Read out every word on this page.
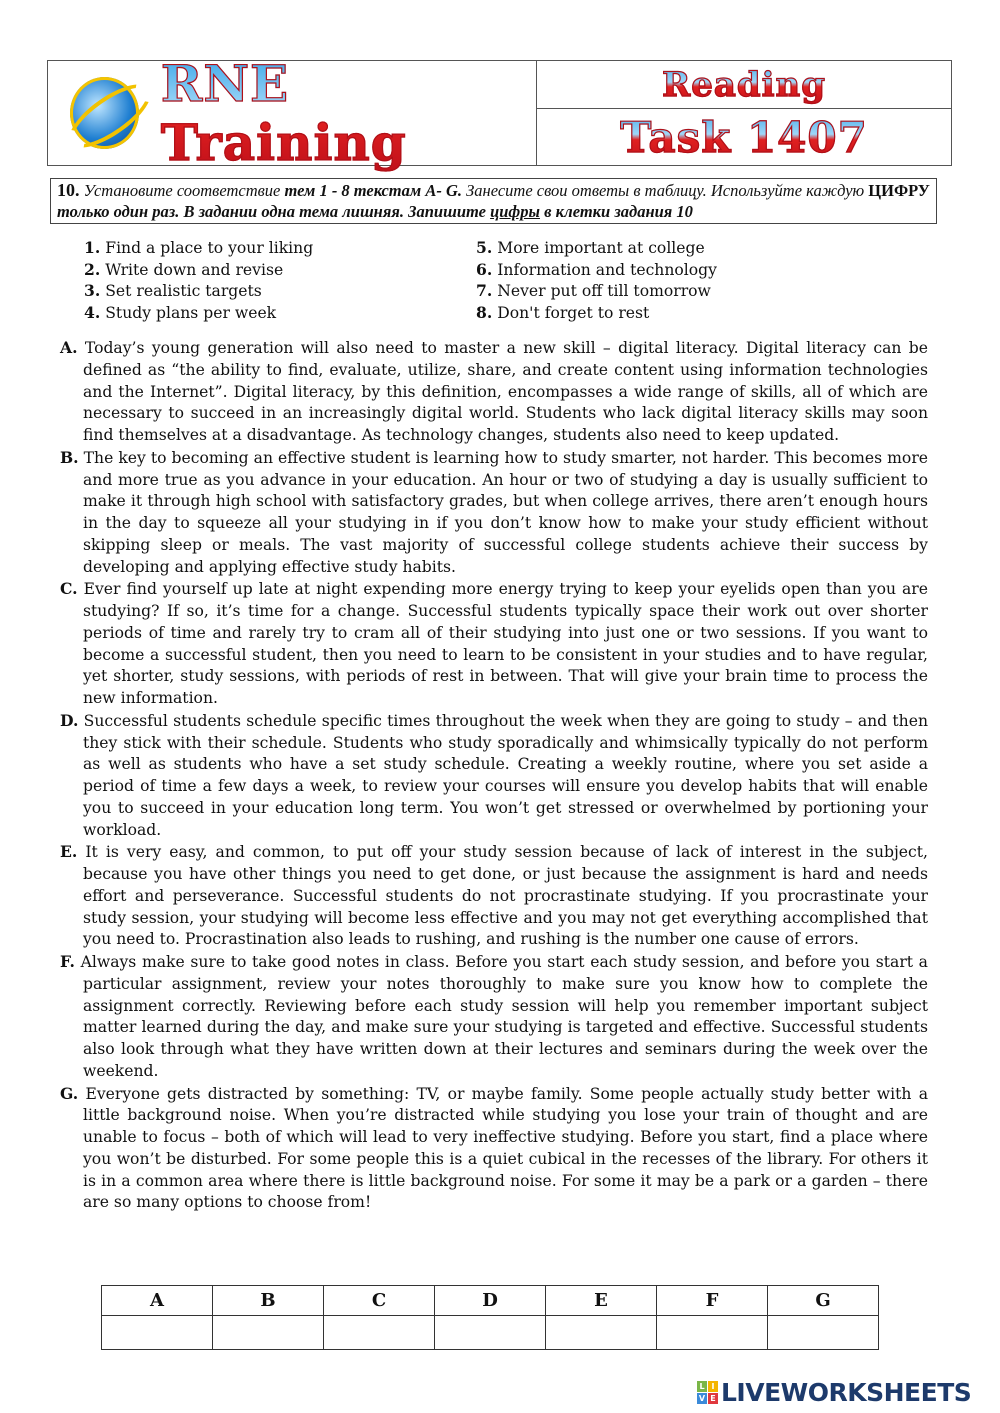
RNE Training
Reading
Task 1407
10. Установите соответствие тем 1 - 8 текстам A- G. Занесите свои ответы в таблицу. Используйте каждую ЦИФРУ только один раз. В задании одна тема лишняя. Запишите цифры в клетки задания 10
1. Find a place to your liking
2. Write down and revise
3. Set realistic targets
4. Study plans per week
5. More important at college
6. Information and technology
7. Never put off till tomorrow
8. Don't forget to rest
A. Today’s young generation will also need to master a new skill – digital literacy. Digital literacy can be defined as “the ability to find, evaluate, utilize, share, and create content using information technologies and the Internet”. Digital literacy, by this definition, encompasses a wide range of skills, all of which are necessary to succeed in an increasingly digital world. Students who lack digital literacy skills may soon find themselves at a disadvantage. As technology changes, students also need to keep updated.
B. The key to becoming an effective student is learning how to study smarter, not harder. This becomes more and more true as you advance in your education. An hour or two of studying a day is usually sufficient to make it through high school with satisfactory grades, but when college arrives, there aren’t enough hours in the day to squeeze all your studying in if you don’t know how to make your study efficient without skipping sleep or meals. The vast majority of successful college students achieve their success by developing and applying effective study habits.
C. Ever find yourself up late at night expending more energy trying to keep your eyelids open than you are studying? If so, it’s time for a change. Successful students typically space their work out over shorter periods of time and rarely try to cram all of their studying into just one or two sessions. If you want to become a successful student, then you need to learn to be consistent in your studies and to have regular, yet shorter, study sessions, with periods of rest in between. That will give your brain time to process the new information.
D. Successful students schedule specific times throughout the week when they are going to study – and then they stick with their schedule. Students who study sporadically and whimsically typically do not perform as well as students who have a set study schedule. Creating a weekly routine, where you set aside a period of time a few days a week, to review your courses will ensure you develop habits that will enable you to succeed in your education long term. You won’t get stressed or overwhelmed by portioning your workload.
E. It is very easy, and common, to put off your study session because of lack of interest in the subject, because you have other things you need to get done, or just because the assignment is hard and needs effort and perseverance. Successful students do not procrastinate studying. If you procrastinate your study session, your studying will become less effective and you may not get everything accomplished that you need to. Procrastination also leads to rushing, and rushing is the number one cause of errors.
F. Always make sure to take good notes in class. Before you start each study session, and before you start a particular assignment, review your notes thoroughly to make sure you know how to complete the assignment correctly. Reviewing before each study session will help you remember important subject matter learned during the day, and make sure your studying is targeted and effective. Successful students also look through what they have written down at their lectures and seminars during the week over the weekend.
G. Everyone gets distracted by something: TV, or maybe family. Some people actually study better with a little background noise. When you’re distracted while studying you lose your train of thought and are unable to focus – both of which will lead to very ineffective studying. Before you start, find a place where you won’t be disturbed. For some people this is a quiet cubical in the recesses of the library. For others it is in a common area where there is little background noise. For some it may be a park or a garden – there are so many options to choose from!
A	B	C	D	E	F	G

L I
V E LIVEWORKSHEETS
